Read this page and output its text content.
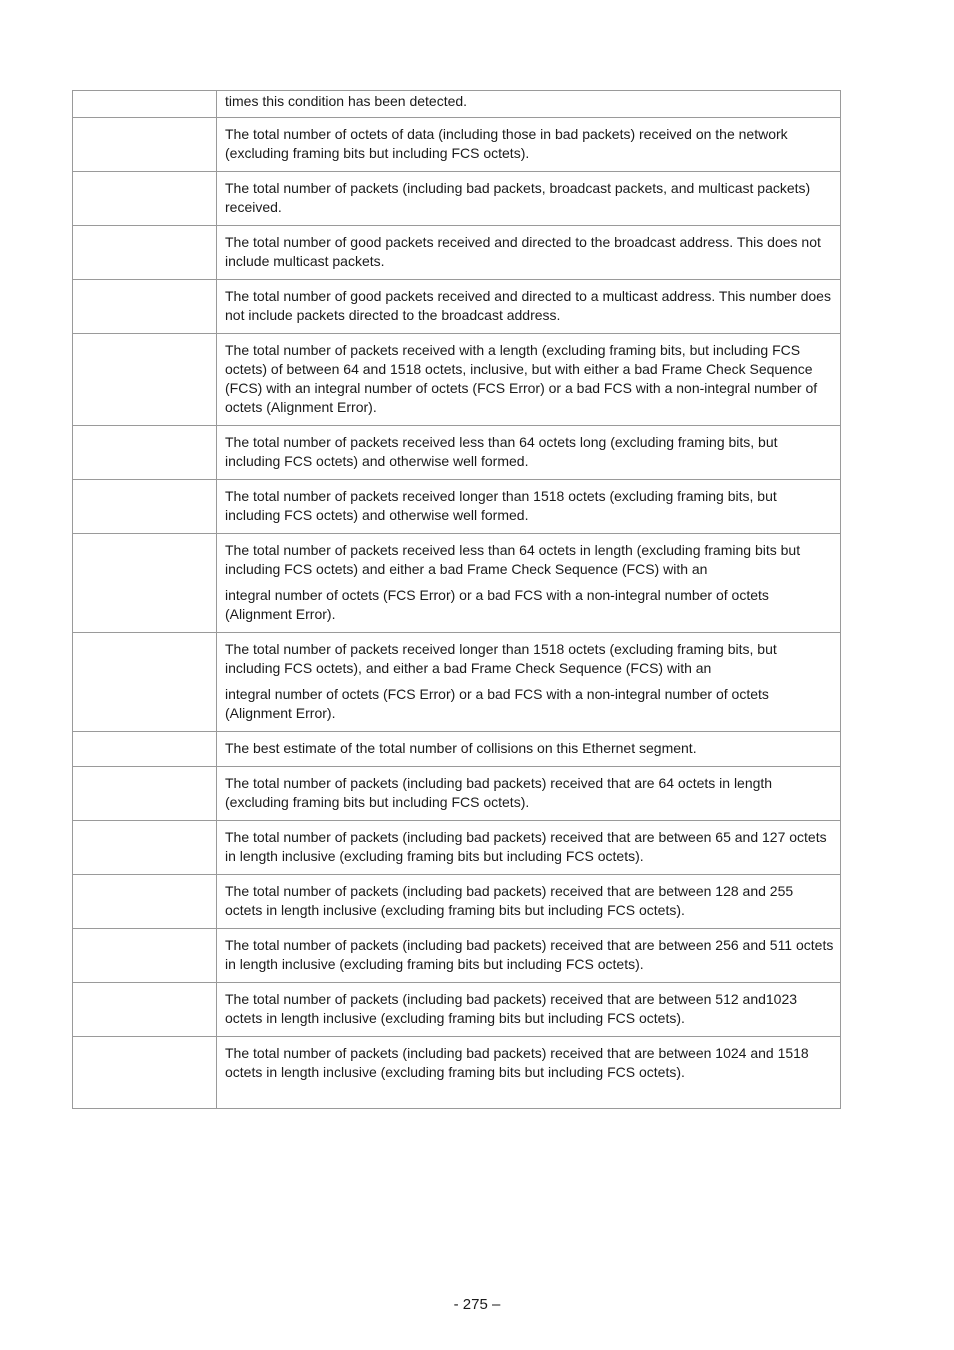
	times this condition has been detected.

	The total number of octets of data (including those in bad packets) received on the network (excluding framing bits but including FCS octets).

	The total number of packets (including bad packets, broadcast packets, and multicast packets) received.

	The total number of good packets received and directed to the broadcast address. This does not include multicast packets.

	The total number of good packets received and directed to a multicast address. This number does not include packets directed to the broadcast address.

	The total number of packets received with a length (excluding framing bits, but including FCS octets) of between 64 and 1518 octets, inclusive, but with either a bad Frame Check Sequence (FCS) with an integral number of octets (FCS Error) or a bad FCS with a non-integral number of octets (Alignment Error).

	The total number of packets received less than 64 octets long (excluding framing bits, but including FCS octets) and otherwise well formed.

	The total number of packets received longer than 1518 octets (excluding framing bits, but including FCS octets) and otherwise well formed.

	The total number of packets received less than 64 octets in length (excluding framing bits but including FCS octets) and either a bad Frame Check Sequence (FCS) with an

integral number of octets (FCS Error) or a bad FCS with a non-integral number of octets (Alignment Error).

	The total number of packets received longer than 1518 octets (excluding framing bits, but including FCS octets), and either a bad Frame Check Sequence (FCS) with an

integral number of octets (FCS Error) or a bad FCS with a non-integral number of octets (Alignment Error).

	The best estimate of the total number of collisions on this Ethernet segment.

	The total number of packets (including bad packets) received that are 64 octets in length (excluding framing bits but including FCS octets).

	The total number of packets (including bad packets) received that are between 65 and 127 octets in length inclusive (excluding framing bits but including FCS octets).

	The total number of packets (including bad packets) received that are between 128 and 255 octets in length inclusive (excluding framing bits but including FCS octets).

	The total number of packets (including bad packets) received that are between 256 and 511 octets in length inclusive (excluding framing bits but including FCS octets).

	The total number of packets (including bad packets) received that are between 512 and1023 octets in length inclusive (excluding framing bits but including FCS octets).

	The total number of packets (including bad packets) received that are between 1024 and 1518 octets in length inclusive (excluding framing bits but including FCS octets).

- 275 –
